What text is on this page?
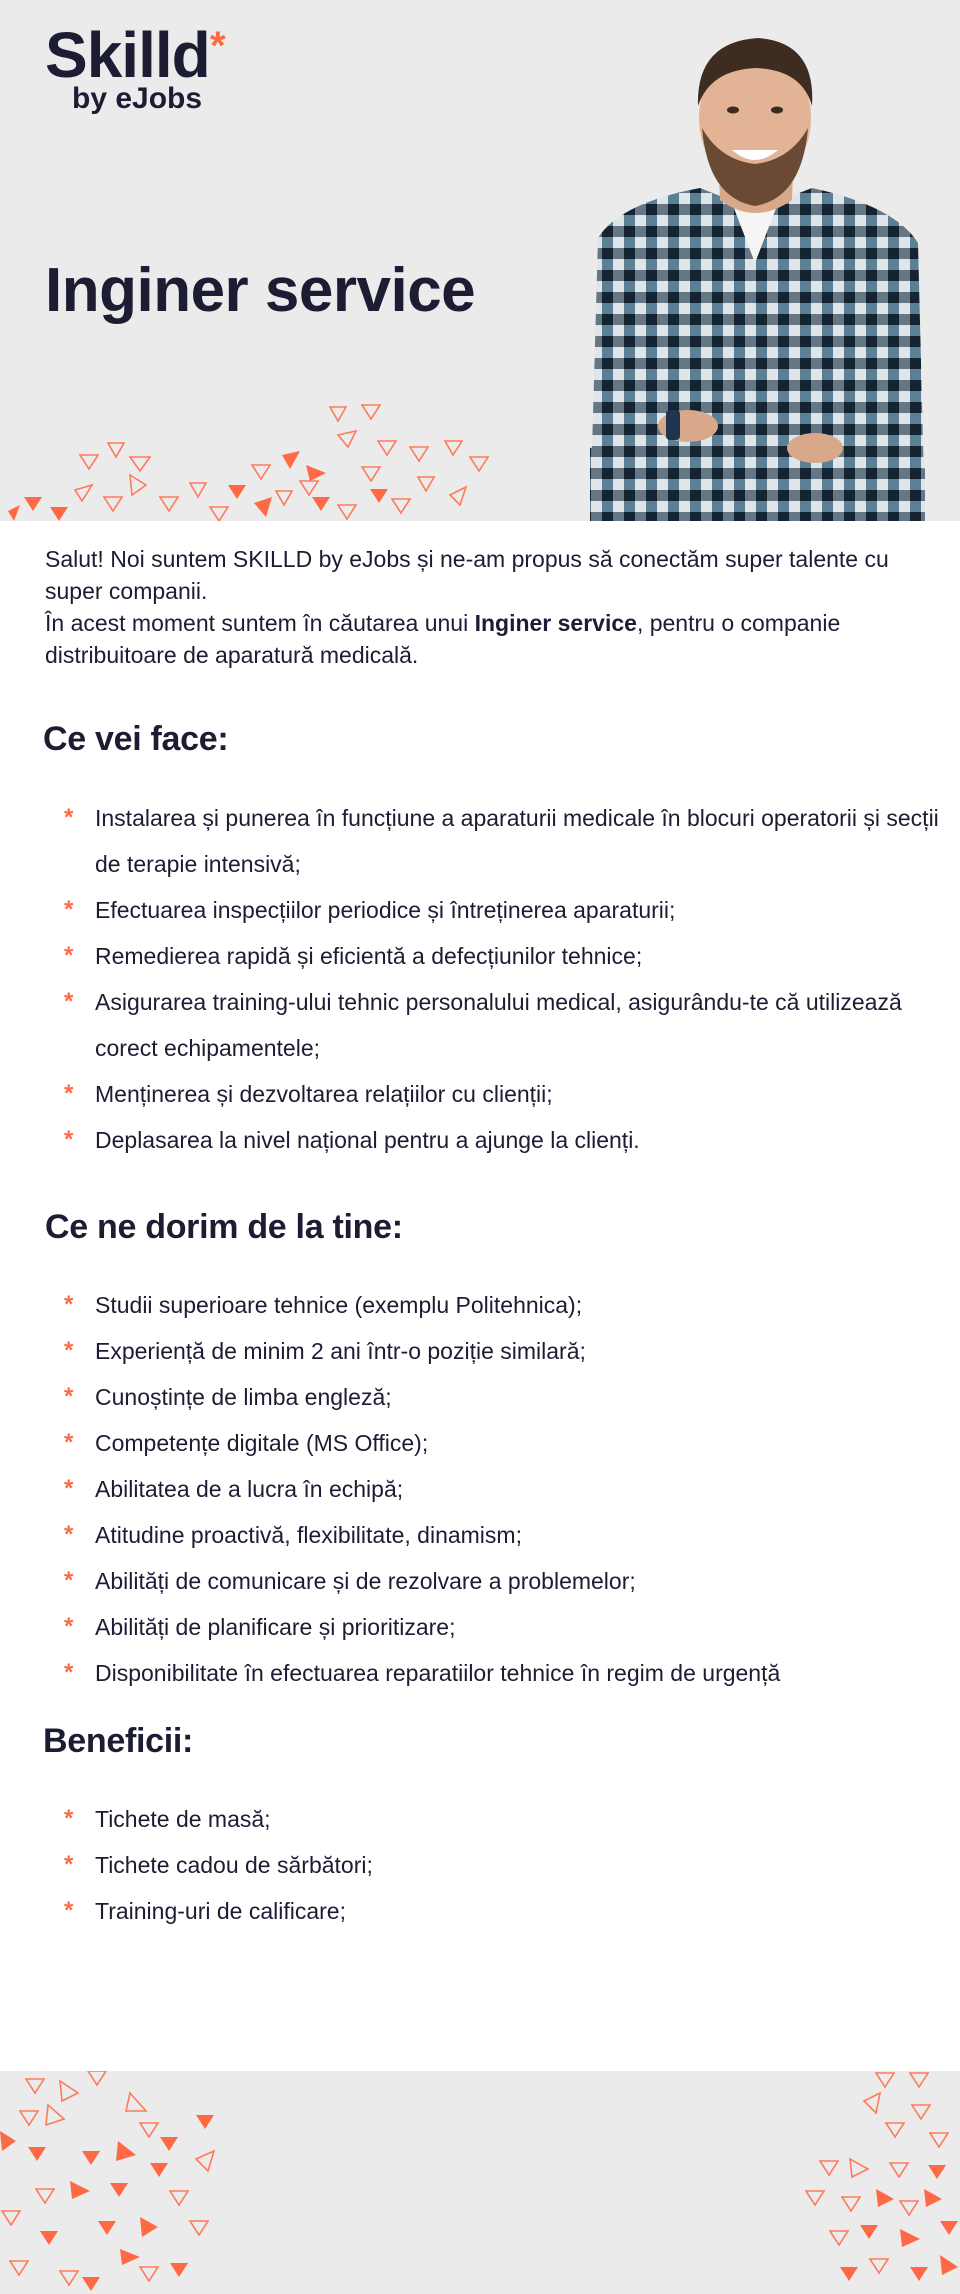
Skilld *
by eJobs
Inginer service

Salut! Noi suntem SKILLD by eJobs și ne-am propus să conectăm super talente cu super companii.

În acest moment suntem în căutarea unui Inginer service, pentru o companie distribuitoare de aparatură medicală.

Ce vei face:
* Instalarea și punerea în funcțiune a aparaturii medicale în blocuri operatorii și secții de terapie intensivă;
* Efectuarea inspecțiilor periodice și întreținerea aparaturii;
* Remedierea rapidă și eficientă a defecțiunilor tehnice;
* Asigurarea training-ului tehnic personalului medical, asigurându-te că utilizează corect echipamentele;
* Menținerea și dezvoltarea relațiilor cu clienții;
* Deplasarea la nivel național pentru a ajunge la clienți.
Ce ne dorim de la tine:
* Studii superioare tehnice (exemplu Politehnica);
* Experiență de minim 2 ani într-o poziție similară;
* Cunoștințe de limba engleză;
* Competențe digitale (MS Office);
* Abilitatea de a lucra în echipă;
* Atitudine proactivă, flexibilitate, dinamism;
* Abilități de comunicare și de rezolvare a problemelor;
* Abilități de planificare și prioritizare;
* Disponibilitate în efectuarea reparatiilor tehnice în regim de urgență
Beneficii:
* Tichete de masă;
* Tichete cadou de sărbători;
* Training-uri de calificare;
